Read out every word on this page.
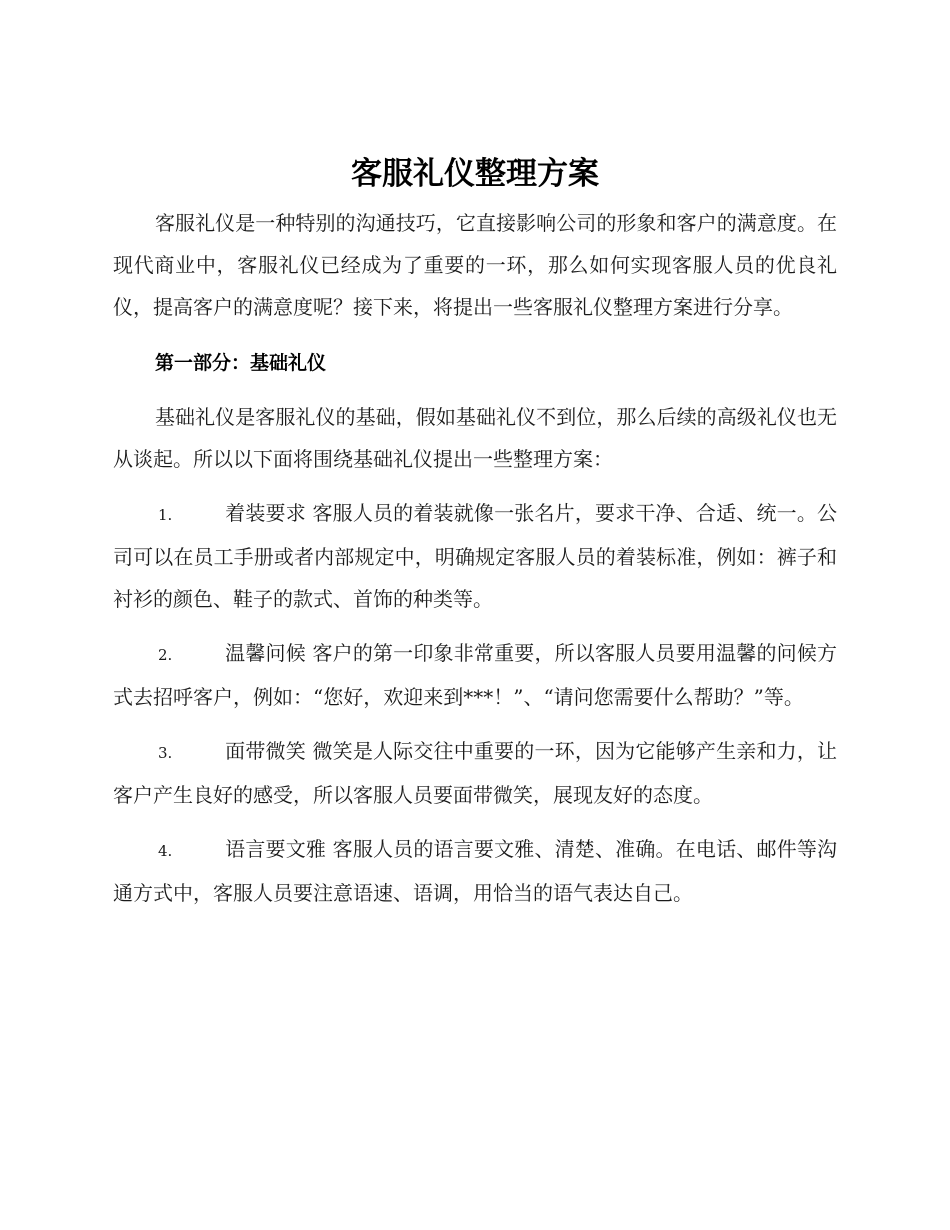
客服礼仪整理方案

客服礼仪是一种特别的沟通技巧，它直接影响公司的形象和客户的满意度。在现代商业中，客服礼仪已经成为了重要的一环，那么如何实现客服人员的优良礼仪，提高客户的满意度呢？接下来，将提出一些客服礼仪整理方案进行分享。

第一部分：基础礼仪

基础礼仪是客服礼仪的基础，假如基础礼仪不到位，那么后续的高级礼仪也无从谈起。所以以下面将围绕基础礼仪提出一些整理方案：

1.	着装要求 客服人员的着装就像一张名片，要求干净、合适、统一。公司可以在员工手册或者内部规定中，明确规定客服人员的着装标准，例如：裤子和衬衫的颜色、鞋子的款式、首饰的种类等。

2.	温馨问候 客户的第一印象非常重要，所以客服人员要用温馨的问候方式去招呼客户，例如：“您好，欢迎来到***！”、“请问您需要什么帮助？”等。

3.	面带微笑 微笑是人际交往中重要的一环，因为它能够产生亲和力，让客户产生良好的感受，所以客服人员要面带微笑，展现友好的态度。

4.	语言要文雅 客服人员的语言要文雅、清楚、准确。在电话、邮件等沟通方式中，客服人员要注意语速、语调，用恰当的语气表达自己。
